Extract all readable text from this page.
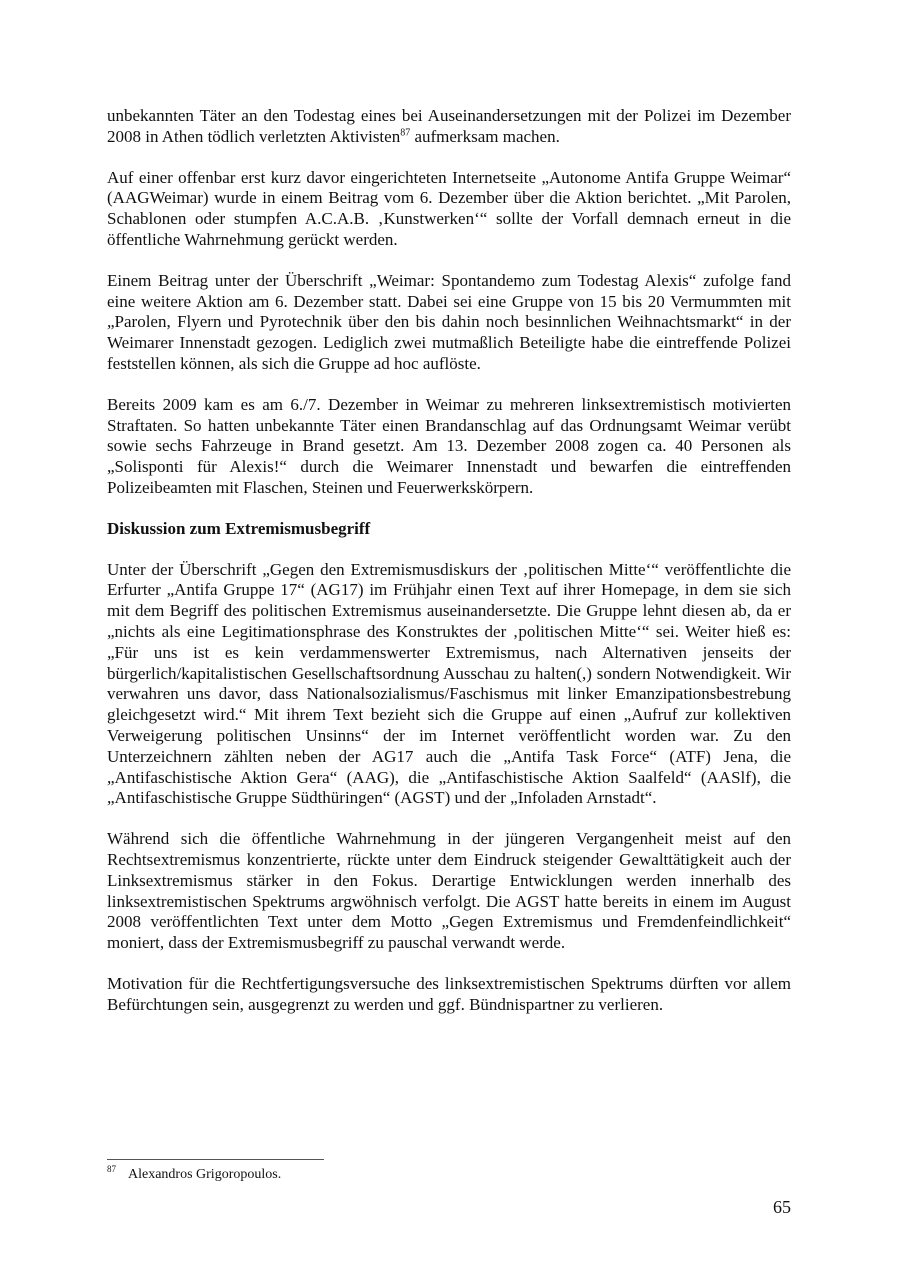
unbekannten Täter an den Todestag eines bei Auseinandersetzungen mit der Polizei im Dezember 2008 in Athen tödlich verletzten Aktivisten$^{87}$ aufmerksam machen.

Auf einer offenbar erst kurz davor eingerichteten Internetseite „Autonome Antifa Gruppe Weimar“ (AAGWeimar) wurde in einem Beitrag vom 6. Dezember über die Aktion berichtet. „Mit Parolen, Schablonen oder stumpfen A.C.A.B. ‚Kunstwerken‘“ sollte der Vorfall demnach erneut in die öffentliche Wahrnehmung gerückt werden.

Einem Beitrag unter der Überschrift „Weimar: Spontandemo zum Todestag Alexis“ zufolge fand eine weitere Aktion am 6. Dezember statt. Dabei sei eine Gruppe von 15 bis 20 Vermummten mit „Parolen, Flyern und Pyrotechnik über den bis dahin noch besinnlichen Weihnachtsmarkt“ in der Weimarer Innenstadt gezogen. Lediglich zwei mutmaßlich Beteiligte habe die eintreffende Polizei feststellen können, als sich die Gruppe ad hoc auflöste.

Bereits 2009 kam es am 6./7. Dezember in Weimar zu mehreren linksextremistisch motivierten Straftaten. So hatten unbekannte Täter einen Brandanschlag auf das Ordnungsamt Weimar verübt sowie sechs Fahrzeuge in Brand gesetzt. Am 13. Dezember 2008 zogen ca. 40 Personen als „Solisponti für Alexis!“ durch die Weimarer Innenstadt und bewarfen die eintreffenden Polizeibeamten mit Flaschen, Steinen und Feuerwerkskörpern.

Diskussion zum Extremismusbegriff

Unter der Überschrift „Gegen den Extremismusdiskurs der ‚politischen Mitte‘“ veröffentlichte die Erfurter „Antifa Gruppe 17“ (AG17) im Frühjahr einen Text auf ihrer Homepage, in dem sie sich mit dem Begriff des politischen Extremismus auseinandersetzte. Die Gruppe lehnt diesen ab, da er „nichts als eine Legitimationsphrase des Konstruktes der ‚politischen Mitte‘“ sei. Weiter hieß es: „Für uns ist es kein verdammenswerter Extremismus, nach Alternativen jenseits der bürgerlich/kapitalistischen Gesellschaftsordnung Ausschau zu halten(,) sondern Notwendigkeit. Wir verwahren uns davor, dass Nationalsozialismus/Faschismus mit linker Emanzipationsbestrebung gleichgesetzt wird.“ Mit ihrem Text bezieht sich die Gruppe auf einen „Aufruf zur kollektiven Verweigerung politischen Unsinns“ der im Internet veröffentlicht worden war. Zu den Unterzeichnern zählten neben der AG17 auch die „Antifa Task Force“ (ATF) Jena, die „Antifaschistische Aktion Gera“ (AAG), die „Antifaschistische Aktion Saalfeld“ (AASlf), die „Antifaschistische Gruppe Südthüringen“ (AGST) und der „Infoladen Arnstadt“.

Während sich die öffentliche Wahrnehmung in der jüngeren Vergangenheit meist auf den Rechtsextremismus konzentrierte, rückte unter dem Eindruck steigender Gewalttätigkeit auch der Linksextremismus stärker in den Fokus. Derartige Entwicklungen werden innerhalb des linksextremistischen Spektrums argwöhnisch verfolgt. Die AGST hatte bereits in einem im August 2008 veröffentlichten Text unter dem Motto „Gegen Extremismus und Fremdenfeindlichkeit“ moniert, dass der Extremismusbegriff zu pauschal verwandt werde.

Motivation für die Rechtfertigungsversuche des linksextremistischen Spektrums dürften vor allem Befürchtungen sein, ausgegrenzt zu werden und ggf. Bündnispartner zu verlieren.

$^{87}$ Alexandros Grigoropoulos.
65
